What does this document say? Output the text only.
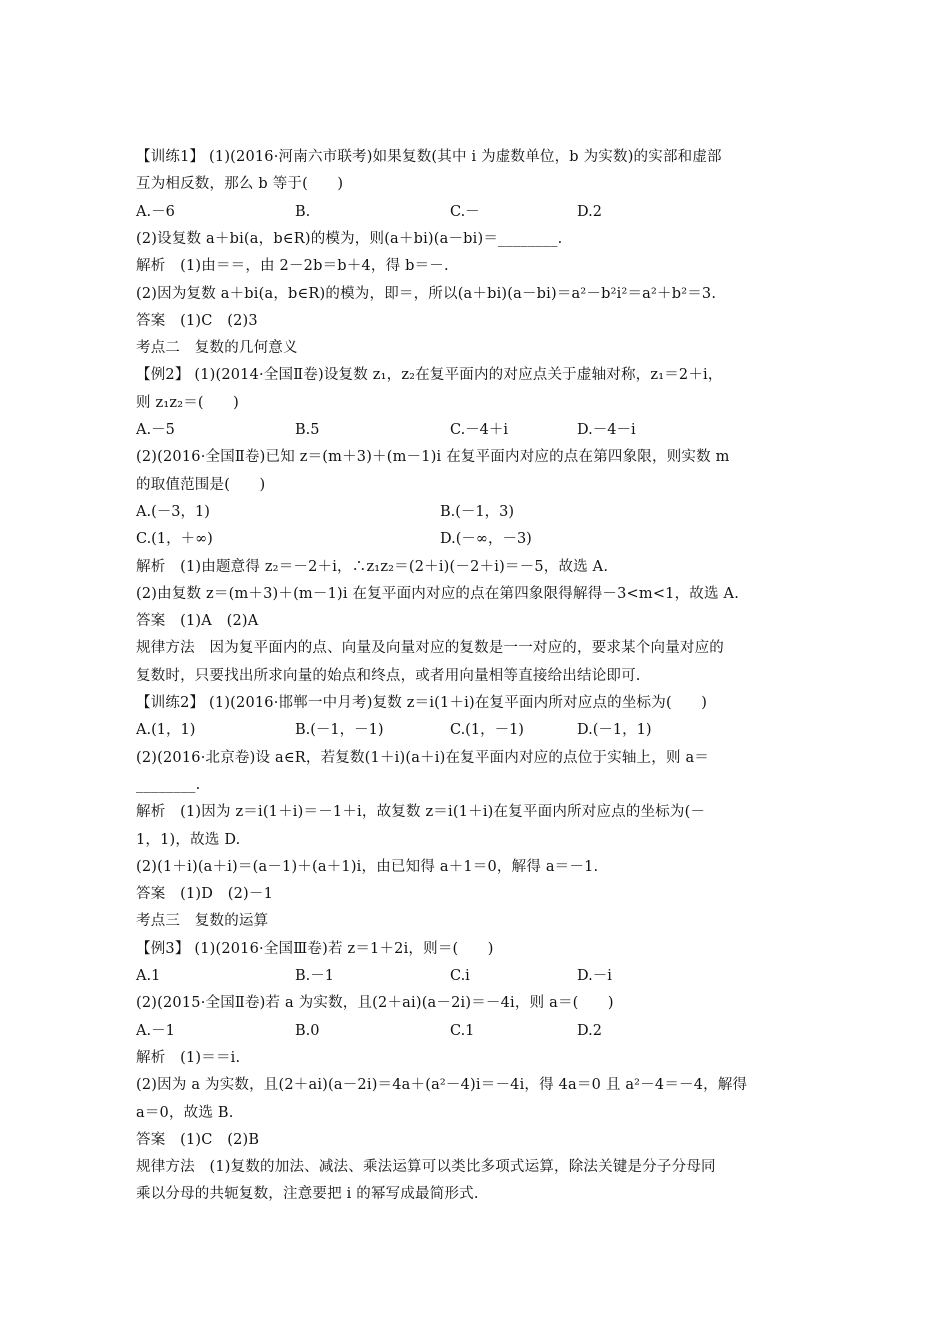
【训练1】 (1)(2016·河南六市联考)如果复数(其中 i 为虚数单位，b 为实数)的实部和虚部
互为相反数，那么 b 等于(　　)
A.－6	B.	C.－	D.2
(2)设复数 a＋bi(a，b∈R)的模为，则(a＋bi)(a－bi)＝________.
解析　(1)由＝＝，由 2－2b＝b＋4，得 b＝－.
(2)因为复数 a＋bi(a，b∈R)的模为，即＝，所以(a＋bi)(a－bi)＝a²－b²i²＝a²＋b²＝3.
答案　(1)C　(2)3
考点二　复数的几何意义
【例2】 (1)(2014·全国Ⅱ卷)设复数 z₁，z₂在复平面内的对应点关于虚轴对称，z₁＝2＋i，
则 z₁z₂＝(　　)
A.－5	B.5	C.－4＋i	D.－4－i
(2)(2016·全国Ⅱ卷)已知 z＝(m＋3)＋(m－1)i 在复平面内对应的点在第四象限，则实数 m
的取值范围是(　　)
A.(－3，1)	B.(－1，3)
C.(1，＋∞)	D.(－∞，－3)
解析　(1)由题意得 z₂＝－2＋i，∴z₁z₂＝(2＋i)(－2＋i)＝－5，故选 A.
(2)由复数 z＝(m＋3)＋(m－1)i 在复平面内对应的点在第四象限得解得－3<m<1，故选 A.
答案　(1)A　(2)A
规律方法　因为复平面内的点、向量及向量对应的复数是一一对应的，要求某个向量对应的
复数时，只要找出所求向量的始点和终点，或者用向量相等直接给出结论即可.
【训练2】 (1)(2016·邯郸一中月考)复数 z＝i(1＋i)在复平面内所对应点的坐标为(　　)
A.(1，1)	B.(－1，－1)	C.(1，－1)	D.(－1，1)
(2)(2016·北京卷)设 a∈R，若复数(1＋i)(a＋i)在复平面内对应的点位于实轴上，则 a＝
________.
解析　(1)因为 z＝i(1＋i)＝－1＋i，故复数 z＝i(1＋i)在复平面内所对应点的坐标为(－
1，1)，故选 D.
(2)(1＋i)(a＋i)＝(a－1)＋(a＋1)i，由已知得 a＋1＝0，解得 a＝－1.
答案　(1)D　(2)－1
考点三　复数的运算
【例3】 (1)(2016·全国Ⅲ卷)若 z＝1＋2i，则＝(　　)
A.1	B.－1	C.i	D.－i
(2)(2015·全国Ⅱ卷)若 a 为实数，且(2＋ai)(a－2i)＝－4i，则 a＝(　　)
A.－1	B.0	C.1	D.2
解析　(1)＝＝i.
(2)因为 a 为实数，且(2＋ai)(a－2i)＝4a＋(a²－4)i＝－4i，得 4a＝0 且 a²－4＝－4，解得
a＝0，故选 B.
答案　(1)C　(2)B
规律方法　(1)复数的加法、减法、乘法运算可以类比多项式运算，除法关键是分子分母同
乘以分母的共轭复数，注意要把 i 的幂写成最简形式.
